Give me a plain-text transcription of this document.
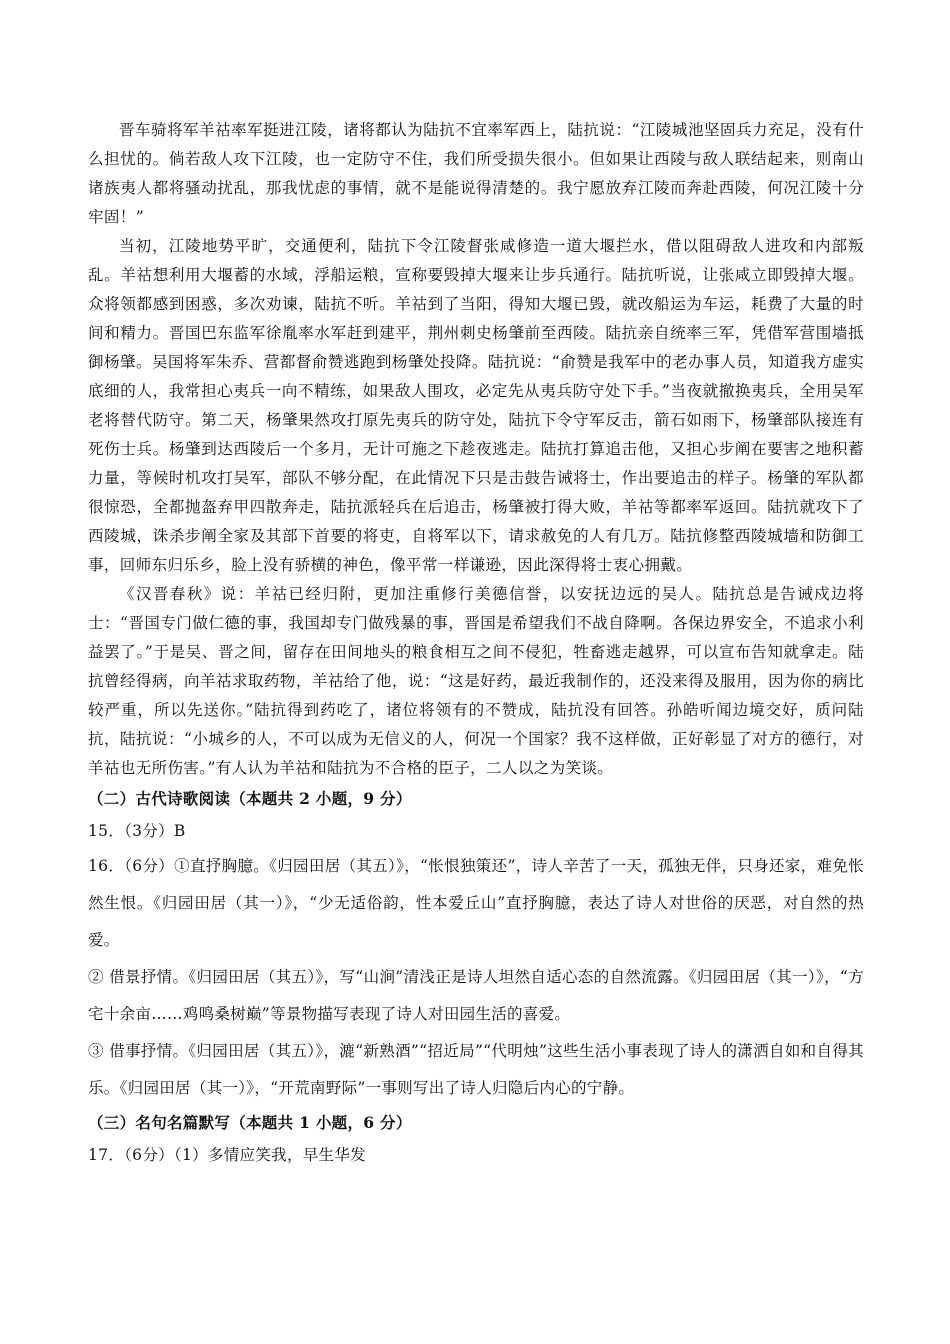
晋车骑将军羊祜率军挺进江陵，诸将都认为陆抗不宜率军西上，陆抗说：“江陵城池坚固兵力充足，没有什么担忧的。倘若敌人攻下江陵，也一定防守不住，我们所受损失很小。但如果让西陵与敌人联结起来，则南山诸族夷人都将骚动扰乱，那我忧虑的事情，就不是能说得清楚的。我宁愿放弃江陵而奔赴西陵，何况江陵十分牢固！”

当初，江陵地势平旷，交通便利，陆抗下令江陵督张咸修造一道大堰拦水，借以阻碍敌人进攻和内部叛乱。羊祜想利用大堰蓄的水域，浮船运粮，宣称要毁掉大堰来让步兵通行。陆抗听说，让张咸立即毁掉大堰。众将领都感到困惑，多次劝谏，陆抗不听。羊祜到了当阳，得知大堰已毁，就改船运为车运，耗费了大量的时间和精力。晋国巴东监军徐胤率水军赶到建平，荆州刺史杨肇前至西陵。陆抗亲自统率三军，凭借军营围墙抵御杨肇。吴国将军朱乔、营都督俞赞逃跑到杨肇处投降。陆抗说：“俞赞是我军中的老办事人员，知道我方虚实底细的人，我常担心夷兵一向不精练，如果敌人围攻，必定先从夷兵防守处下手。”当夜就撤换夷兵，全用吴军老将替代防守。第二天，杨肇果然攻打原先夷兵的防守处，陆抗下令守军反击，箭石如雨下，杨肇部队接连有死伤士兵。杨肇到达西陵后一个多月，无计可施之下趁夜逃走。陆抗打算追击他，又担心步阐在要害之地积蓄力量，等候时机攻打吴军，部队不够分配，在此情况下只是击鼓告诫将士，作出要追击的样子。杨肇的军队都很惊恐，全都抛盔弃甲四散奔走，陆抗派轻兵在后追击，杨肇被打得大败，羊祜等都率军返回。陆抗就攻下了西陵城，诛杀步阐全家及其部下首要的将吏，自将军以下，请求赦免的人有几万。陆抗修整西陵城墙和防御工事，回师东归乐乡，脸上没有骄横的神色，像平常一样谦逊，因此深得将士衷心拥戴。

《汉晋春秋》说：羊祜已经归附，更加注重修行美德信誉，以安抚边远的吴人。陆抗总是告诫戍边将士：“晋国专门做仁德的事，我国却专门做残暴的事，晋国是希望我们不战自降啊。各保边界安全，不追求小利益罢了。”于是吴、晋之间，留存在田间地头的粮食相互之间不侵犯，牲畜逃走越界，可以宣布告知就拿走。陆抗曾经得病，向羊祜求取药物，羊祜给了他，说：“这是好药，最近我制作的，还没来得及服用，因为你的病比较严重，所以先送你。”陆抗得到药吃了，诸位将领有的不赞成，陆抗没有回答。孙皓听闻边境交好，质问陆抗，陆抗说：“小城乡的人，不可以成为无信义的人，何况一个国家？我不这样做，正好彰显了对方的德行，对羊祜也无所伤害。”有人认为羊祜和陆抗为不合格的臣子，二人以之为笑谈。

（二）古代诗歌阅读（本题共 2 小题，9 分）

15．（3分）B

16．（6分）①直抒胸臆。《归园田居（其五）》，“怅恨独策还”，诗人辛苦了一天，孤独无伴，只身还家，难免怅然生恨。《归园田居（其一）》，“少无适俗韵，性本爱丘山”直抒胸臆，表达了诗人对世俗的厌恶，对自然的热爱。

② 借景抒情。《归园田居（其五）》，写“山涧”清浅正是诗人坦然自适心态的自然流露。《归园田居（其一）》，“方宅十余亩……鸡鸣桑树巅”等景物描写表现了诗人对田园生活的喜爱。

③ 借事抒情。《归园田居（其五）》，漉“新熟酒”“招近局”“代明烛”这些生活小事表现了诗人的潇洒自如和自得其乐。《归园田居（其一）》，“开荒南野际”一事则写出了诗人归隐后内心的宁静。

（三）名句名篇默写（本题共 1 小题，6 分）

17．（6分）（1）多情应笑我，早生华发
